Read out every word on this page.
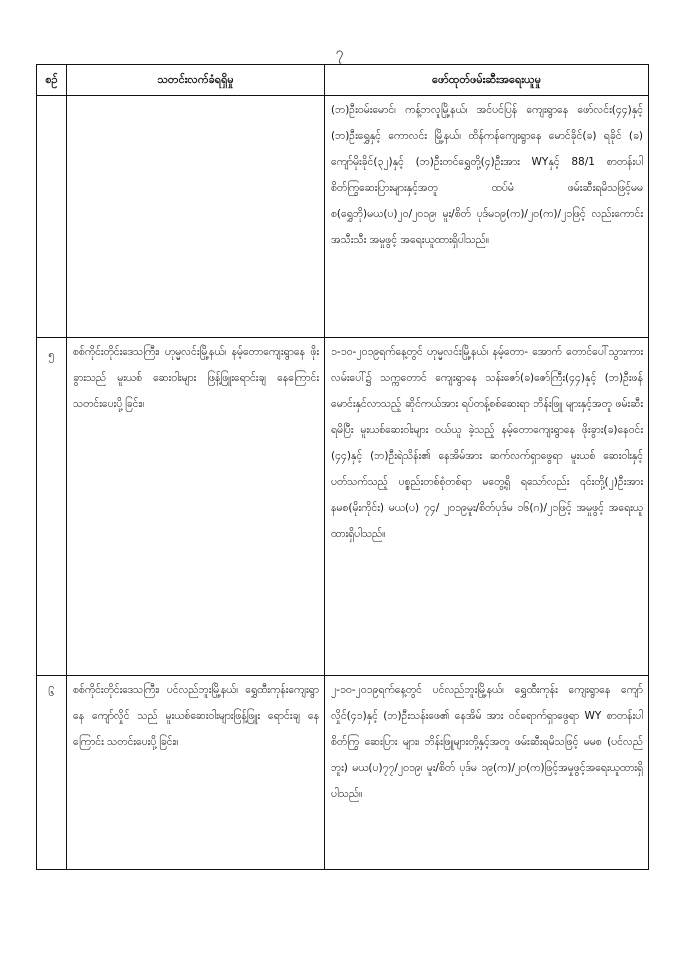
၇
စဉ်	သတင်းလက်ခံရရှိမှု	ဖော်ထုတ်ဖမ်းဆီးအရေးယူမှု
		(ဘ)ဦးဝမ်းမောင်၊ ကန့်ဘလူမြို့နယ်၊ အင်ပင်ပြန် ကျေးရွာနေ ဖော်လင်း(၄၄)နှင့် (ဘ)ဦးရွှေနှင့် ကောလင်း မြို့နယ်၊ ထိန်ကန်ကျေးရွာနေ မောင်ခိုင်(ခ) ရခိုင် (ခ) ကျော်မိုးခိုင်(၃၂)နှင့် (ဘ)ဦးတင်ရွှေတို့(၄)ဦးအား WYနှင့် 88/1 စာတန်းပါ စိတ်ကြွဆေးပြားများနှင့်အတူ ထပ်မံ ဖမ်းဆီးရမိသဖြင့်မမစ(ရွှေဘို)မယ(ပ)၂၀/၂၀၁၉၊ မူး/စိတ် ပုဒ်မ၁၉(က)/၂၀(က)/၂၁ဖြင့် လည်းကောင်း အသီးသီး အမှုဖွင့် အရေးယူထားရှိပါသည်။
၅	စစ်ကိုင်းတိုင်းဒေသကြီး၊ ဟုမ္မလင်းမြို့နယ်၊ နမ့်တောကျေးရွာနေ ဖိုးခွားသည် မူးယစ် ဆေးဝါးများ ဖြန့်ဖြူးရောင်းချ နေကြောင်း သတင်းပေးပို့ခြင်း။	၁-၁၀-၂၀၁၉ရက်နေ့တွင် ဟုမ္မလင်းမြို့နယ်၊ နမ့်တော- အောက် တောင်ပေါ်သွားကားလမ်းပေါ်၌ သက္ကတောင် ကျေးရွာနေ သန်းဇော်(ခ)ဇော်ကြီး(၄၄)နှင့် (ဘ)ဦးဖန် မောင်းနှင်လာသည့် ဆိုင်ကယ်အား ရပ်တန့်စစ်ဆေးရာ ဘိန်းဖြူ များနှင့်အတူ ဖမ်းဆီးရမိပြီး မူးယစ်ဆေးဝါးများ ဝယ်ယူ ခဲ့သည့် နမ့်တောကျေးရွာနေ ဖိုးခွား(ခ)နေဝင်း (၄၄)နှင့် (ဘ)ဦးရဲသိန်း၏ နေအိမ်အား ဆက်လက်ရှာဖွေရာ မူးယစ် ဆေးဝါးနှင့်ပတ်သက်သည့် ပစ္စည်းတစ်စုံတစ်ရာ မတွေ့ရှိ ရသော်လည်း ၎င်းတို့(၂)ဦးအား နမစ(မိုးကိုင်း) မယ(ပ) ၇၄/ ၂၀၁၉မူး/စိတ်ပုဒ်မ ၁၆(ဂ)/၂၁ဖြင့် အမှုဖွင့် အရေးယူ ထားရှိပါသည်။
၆	စစ်ကိုင်းတိုင်းဒေသကြီး၊ ပင်လည်ဘူးမြို့နယ်၊ ရွှေထီးကုန်းကျေးရွာနေ ကျော်လှိုင် သည် မူးယစ်ဆေးဝါးများဖြန့်ဖြူး ရောင်းချ နေကြောင်း သတင်းပေးပို့ခြင်း။	၂-၁၀-၂၀၁၉ရက်နေ့တွင် ပင်လည်ဘူးမြို့နယ်၊ ရွှေထီးကုန်း ကျေးရွာနေ ကျော်လှိုင်(၄၁)နှင့် (ဘ)ဦးသန်းဖေ၏ နေအိမ် အား ဝင်ရောက်ရှာဖွေရာ WY စာတန်းပါ စိတ်ကြွ ဆေးပြား များ၊ ဘိန်းဖြူများတို့နှင့်အတူ ဖမ်းဆီးရမိသဖြင့် မမစ (ပင်လည်ဘူး) မယ(ပ)၇၇/၂၀၁၉၊ မူး/စိတ် ပုဒ်မ ၁၉(က)/၂၀(က)ဖြင့်အမှုဖွင့်အရေးယူထားရှိပါသည်။
